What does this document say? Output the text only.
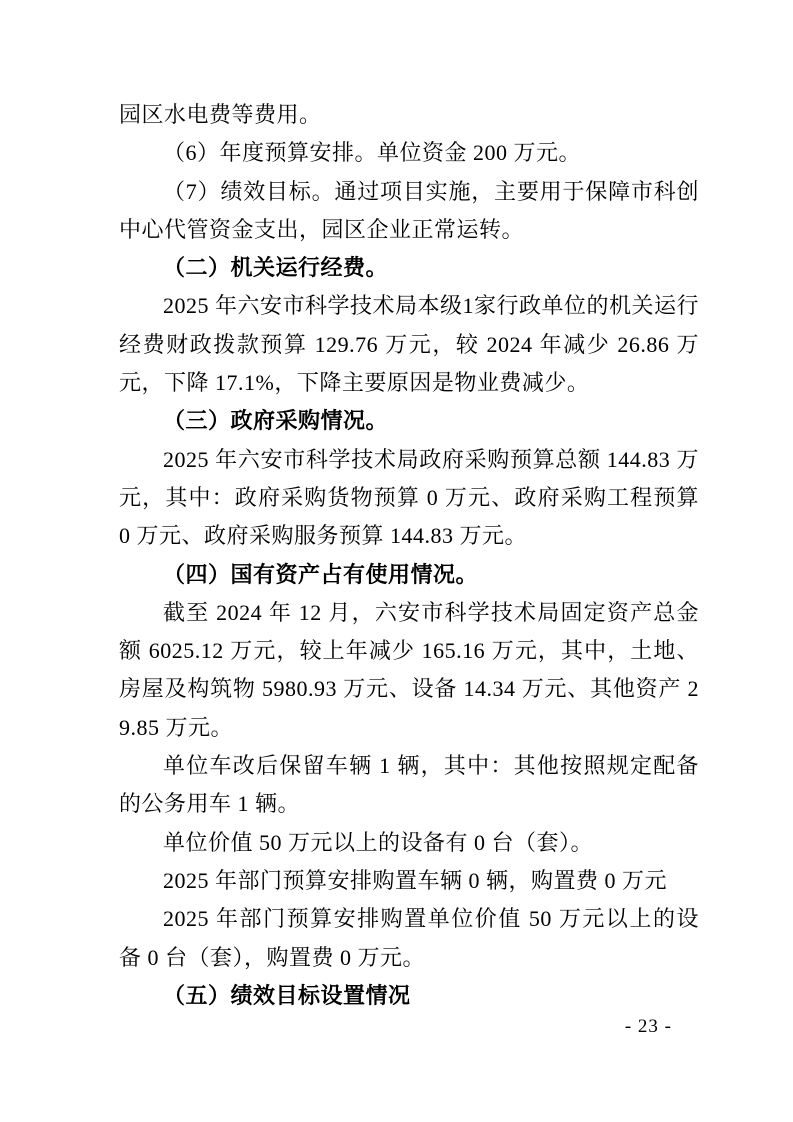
园区水电费等费用。

（6）年度预算安排。单位资金 200 万元。

（7）绩效目标。通过项目实施，主要用于保障市科创中心代管资金支出，园区企业正常运转。

（二）机关运行经费。

2025 年六安市科学技术局本级1家行政单位的机关运行经费财政拨款预算 129.76 万元，较 2024 年减少 26.86 万元，下降 17.1%，下降主要原因是物业费减少。

（三）政府采购情况。

2025 年六安市科学技术局政府采购预算总额 144.83 万元，其中：政府采购货物预算 0 万元、政府采购工程预算 0 万元、政府采购服务预算 144.83 万元。

（四）国有资产占有使用情况。

截至 2024 年 12 月，六安市科学技术局固定资产总金额 6025.12 万元，较上年减少 165.16 万元，其中，土地、房屋及构筑物 5980.93 万元、设备 14.34 万元、其他资产 29.85 万元。

单位车改后保留车辆 1 辆，其中：其他按照规定配备的公务用车 1 辆。

单位价值 50 万元以上的设备有 0 台（套）。

2025 年部门预算安排购置车辆 0 辆，购置费 0 万元

2025 年部门预算安排购置单位价值 50 万元以上的设备 0 台（套），购置费 0 万元。

（五）绩效目标设置情况

- 23 -
